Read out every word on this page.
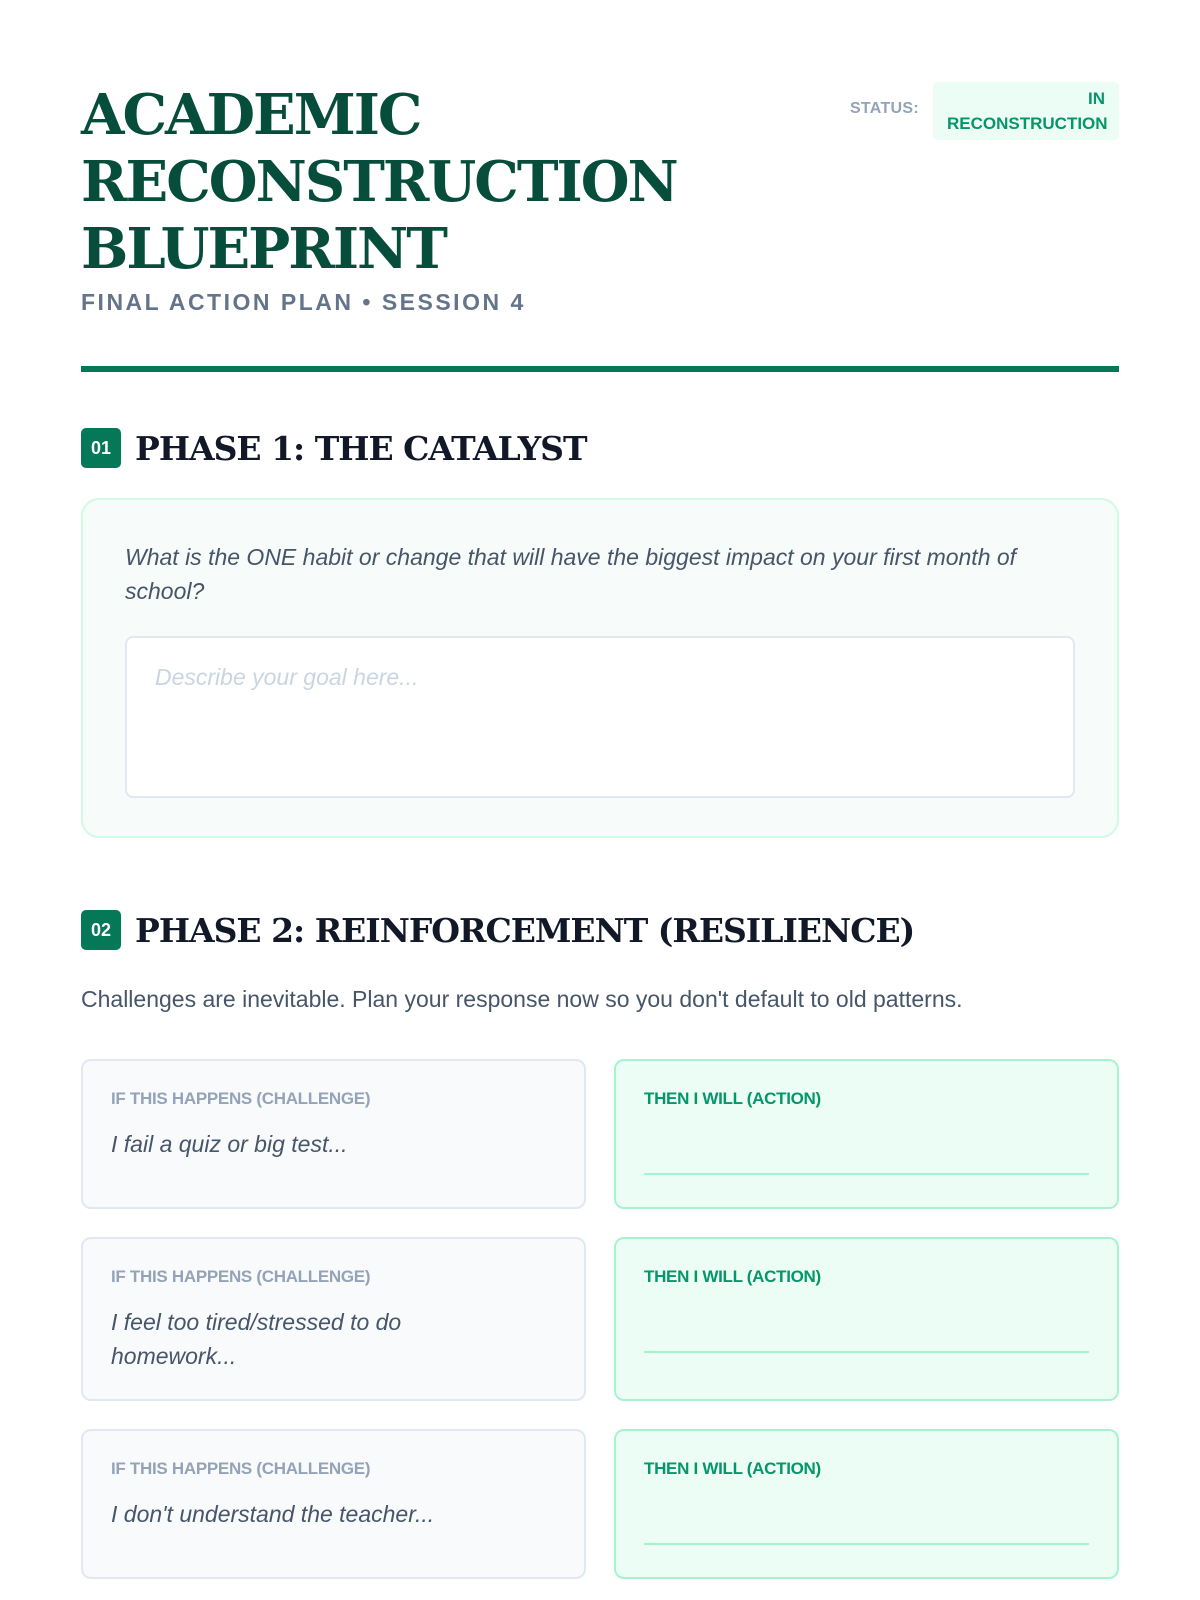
ACADEMIC
RECONSTRUCTION
BLUEPRINT
FINAL ACTION PLAN • SESSION 4
STATUS:
IN
RECONSTRUCTION
01 PHASE 1: THE CATALYST

What is the ONE habit or change that will have the biggest impact on your first month of school?

Describe your goal here...
02 PHASE 2: REINFORCEMENT (RESILIENCE)

Challenges are inevitable. Plan your response now so you don't default to old patterns.

IF THIS HAPPENS (CHALLENGE)
I fail a quiz or big test...
THEN I WILL (ACTION)
IF THIS HAPPENS (CHALLENGE)
I feel too tired/stressed to do homework...
THEN I WILL (ACTION)
IF THIS HAPPENS (CHALLENGE)
I don't understand the teacher...
THEN I WILL (ACTION)
